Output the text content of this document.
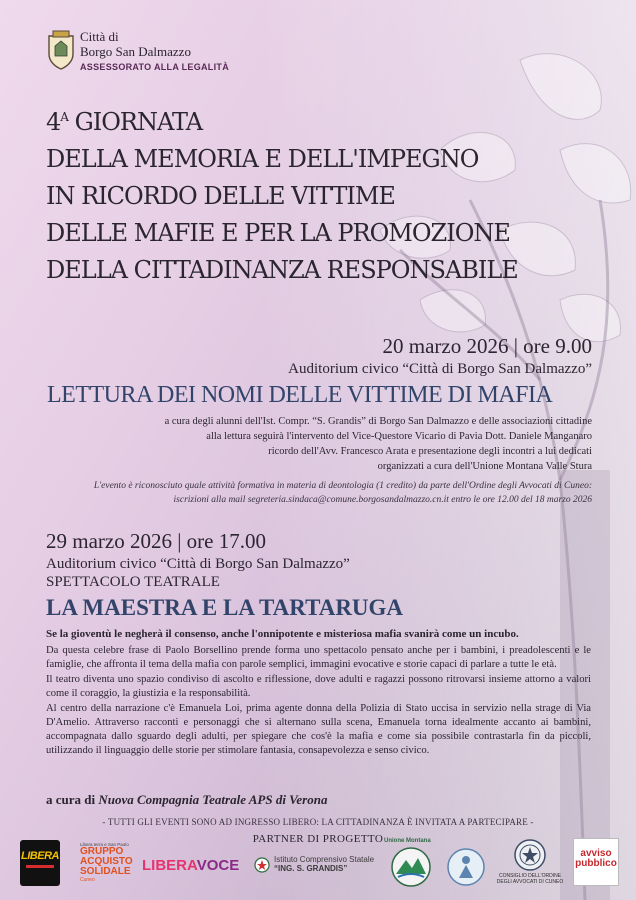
Città di
Borgo San Dalmazzo
ASSESSORATO ALLA LEGALITÀ
$4^A$ GIORNATA
DELLA MEMORIA E DELL'IMPEGNO
IN RICORDO DELLE VITTIME
DELLE MAFIE E PER LA PROMOZIONE
DELLA CITTADINANZA RESPONSABILE
20 marzo 2026 | ore 9.00
Auditorium civico “Città di Borgo San Dalmazzo”
LETTURA DEI NOMI DELLE VITTIME DI MAFIA
a cura degli alunni dell'Ist. Compr. “S. Grandis” di Borgo San Dalmazzo e delle associazioni cittadine
alla lettura seguirà l'intervento del Vice-Questore Vicario di Pavia Dott. Daniele Manganaro
ricordo dell'Avv. Francesco Arata e presentazione degli incontri a lui dedicati
organizzati a cura dell'Unione Montana Valle Stura
L'evento è riconosciuto quale attività formativa in materia di deontologia (1 credito) da parte dell'Ordine degli Avvocati di Cuneo:
iscrizioni alla mail segreteria.sindaca@comune.borgosandalmazzo.cn.it entro le ore 12.00 del 18 marzo 2026
29 marzo 2026 | ore 17.00
Auditorium civico “Città di Borgo San Dalmazzo”
SPETTACOLO TEATRALE
LA MAESTRA E LA TARTARUGA
Se la gioventù le negherà il consenso, anche l'onnipotente e misteriosa mafia svanirà come un incubo.

Da questa celebre frase di Paolo Borsellino prende forma uno spettacolo pensato anche per i bambini, i preadolescenti e le famiglie, che affronta il tema della mafia con parole semplici, immagini evocative e storie capaci di parlare a tutte le età.

Il teatro diventa uno spazio condiviso di ascolto e riflessione, dove adulti e ragazzi possono ritrovarsi insieme attorno a valori come il coraggio, la giustizia e la responsabilità.

Al centro della narrazione c'è Emanuela Loi, prima agente donna della Polizia di Stato uccisa in servizio nella strage di Via D'Amelio. Attraverso racconti e personaggi che si alternano sulla scena, Emanuela torna idealmente accanto ai bambini, accompagnata dallo sguardo degli adulti, per spiegare che cos'è la mafia e come sia possibile contrastarla fin da piccoli, utilizzando il linguaggio delle storie per stimolare fantasia, consapevolezza e senso civico.

a cura di Nuova Compagnia Teatrale APS di Verona
- TUTTI GLI EVENTI SONO AD INGRESSO LIBERO: LA CITTADINANZA È INVITATA A PARTECIPARE -
PARTNER DI PROGETTO
LIBERA
Libera terra e San Paolo
GRUPPO
ACQUISTO
SOLIDALE
Cuneo
LIBERAVOCE	Istituto Comprensivo Statale
“ING. S. GRANDIS”
Unione Montana
CONSIGLIO DELL'ORDINE
DEGLI AVVOCATI DI CUNEO
avviso
pubblico
